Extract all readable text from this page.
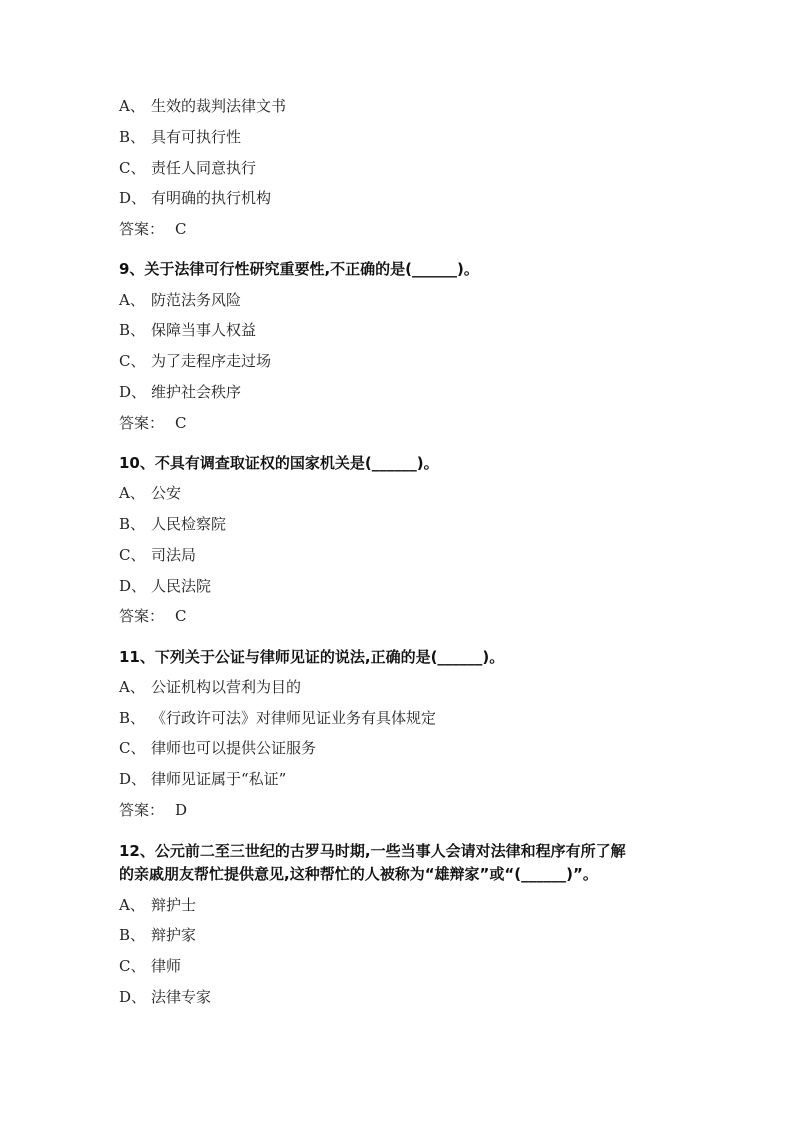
A、 生效的裁判法律文书
B、 具有可执行性
C、 责任人同意执行
D、 有明确的执行机构
答案： C
9、关于法律可行性研究重要性,不正确的是(______)。
A、 防范法务风险
B、 保障当事人权益
C、 为了走程序走过场
D、 维护社会秩序
答案： C
10、不具有调查取证权的国家机关是(______)。
A、 公安
B、 人民检察院
C、 司法局
D、 人民法院
答案： C
11、下列关于公证与律师见证的说法,正确的是(______)。
A、 公证机构以营利为目的
B、 《行政许可法》对律师见证业务有具体规定
C、 律师也可以提供公证服务
D、 律师见证属于“私证”
答案： D
12、公元前二至三世纪的古罗马时期,一些当事人会请对法律和程序有所了解
的亲戚朋友帮忙提供意见,这种帮忙的人被称为“雄辩家”或“(______)”。
A、 辩护士
B、 辩护家
C、 律师
D、 法律专家
